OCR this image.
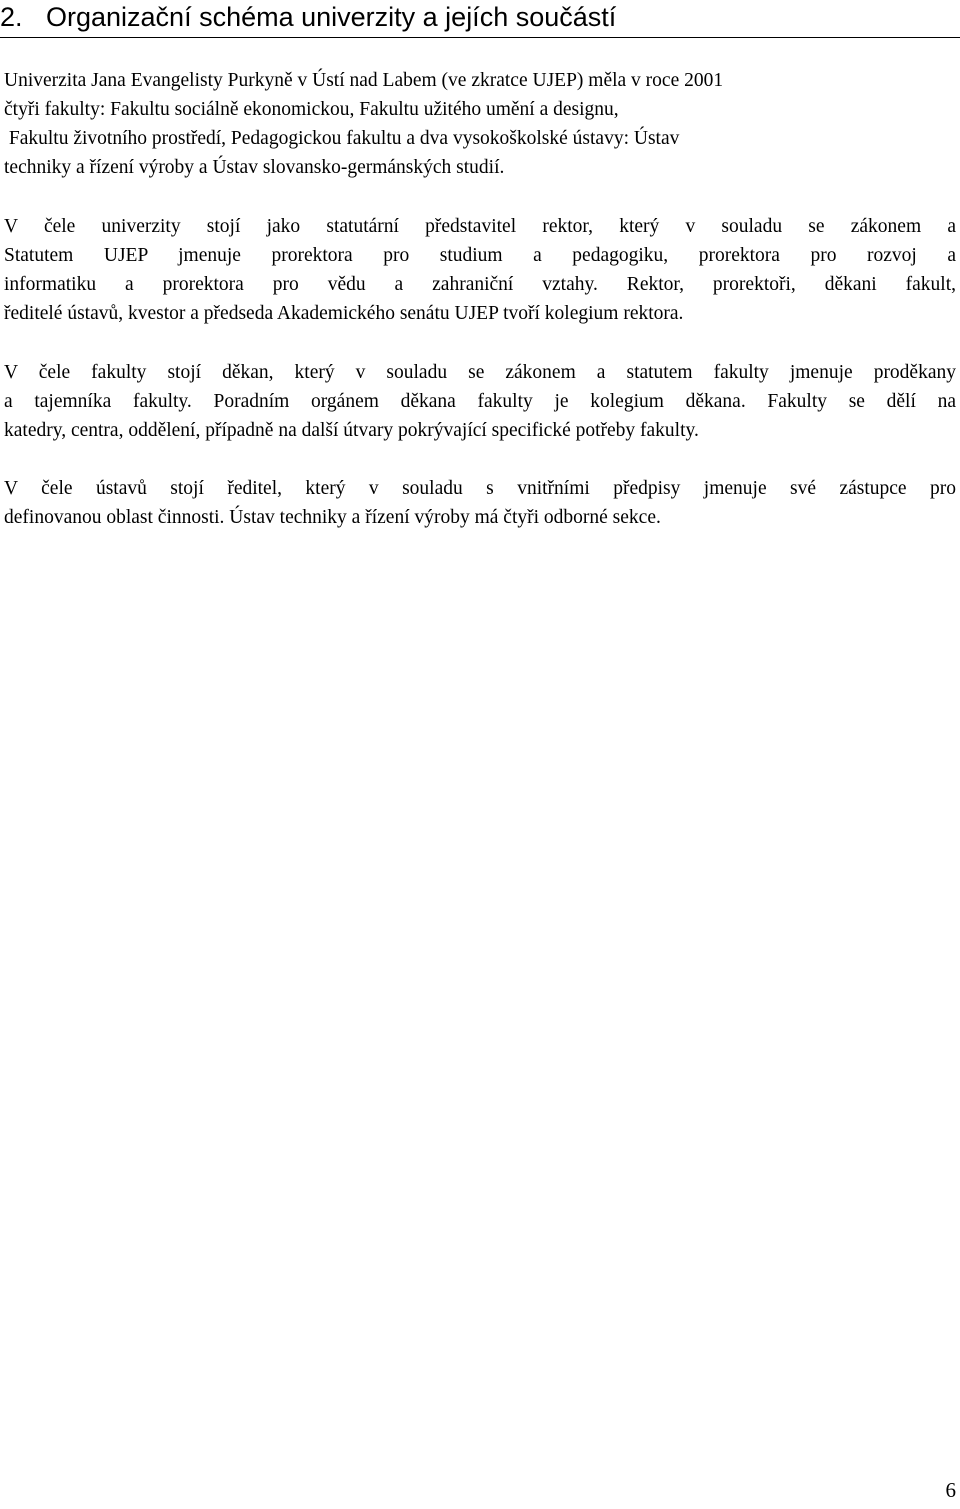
2. Organizační schéma univerzity a jejích součástí
Univerzita Jana Evangelisty Purkyně v Ústí nad Labem (ve zkratce UJEP) měla v roce 2001
čtyři fakulty: Fakultu sociálně ekonomickou, Fakultu užitého umění a designu,
Fakultu životního prostředí, Pedagogickou fakultu a dva vysokoškolské ústavy: Ústav
techniky a řízení výroby a Ústav slovansko-germánských studií.
V čele univerzity stojí jako statutární představitel rektor, který v souladu se zákonem a
Statutem UJEP jmenuje prorektora pro studium a pedagogiku, prorektora pro rozvoj a
informatiku a prorektora pro vědu a zahraniční vztahy. Rektor, prorektoři, děkani fakult,
ředitelé ústavů, kvestor a předseda Akademického senátu UJEP tvoří kolegium rektora.
V čele fakulty stojí děkan, který v souladu se zákonem a statutem fakulty jmenuje proděkany
a tajemníka fakulty. Poradním orgánem děkana fakulty je kolegium děkana. Fakulty se dělí na
katedry, centra, oddělení, případně na další útvary pokrývající specifické potřeby fakulty.
V čele ústavů stojí ředitel, který v souladu s vnitřními předpisy jmenuje své zástupce pro
definovanou oblast činnosti. Ústav techniky a řízení výroby má čtyři odborné sekce.
6
